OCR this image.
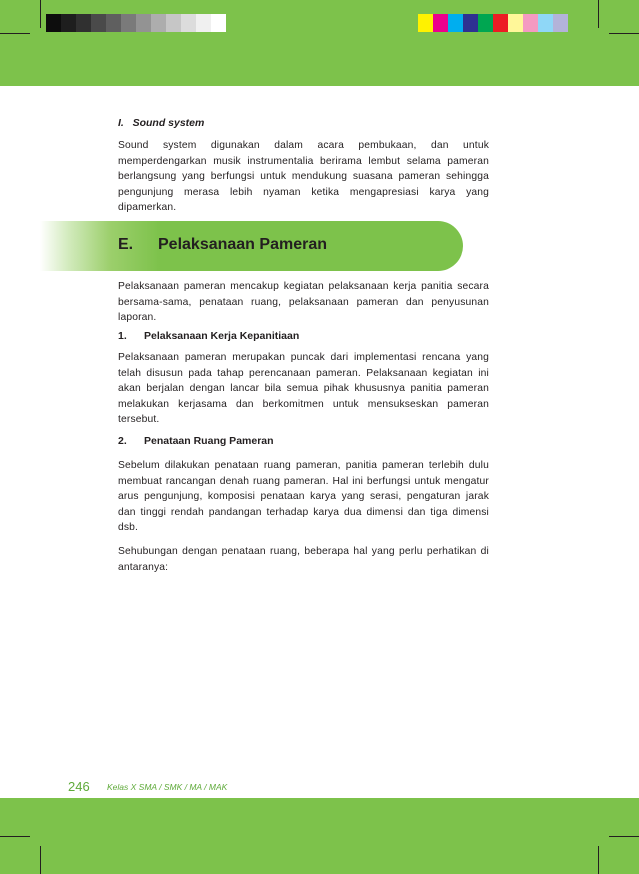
I.   Sound system

Sound system digunakan dalam acara pembukaan, dan untuk memperdengarkan musik instrumentalia berirama lembut selama pameran berlangsung yang berfungsi untuk mendukung suasana pameran sehingga pengunjung merasa lebih nyaman ketika mengapresiasi karya yang dipamerkan.

E. Pelaksanaan Pameran

Pelaksanaan pameran mencakup kegiatan pelaksanaan kerja panitia secara bersama-sama, penataan ruang, pelaksanaan pameran dan penyusunan laporan.

1. Pelaksanaan Kerja Kepanitiaan

Pelaksanaan pameran merupakan puncak dari implementasi rencana yang telah disusun pada tahap perencanaan pameran. Pelaksanaan kegiatan ini akan berjalan dengan lancar bila semua pihak khususnya panitia pameran melakukan kerjasama dan berkomitmen untuk mensukseskan pameran tersebut.

2. Penataan Ruang Pameran

Sebelum dilakukan penataan ruang pameran, panitia pameran terlebih dulu membuat rancangan denah ruang pameran. Hal ini berfungsi untuk mengatur arus pengunjung, komposisi penataan karya yang serasi, pengaturan jarak dan tinggi rendah pandangan terhadap karya dua dimensi dan tiga dimensi dsb.

Sehubungan dengan penataan ruang, beberapa hal yang perlu perhatikan di antaranya:

246 Kelas X SMA / SMK / MA / MAK
